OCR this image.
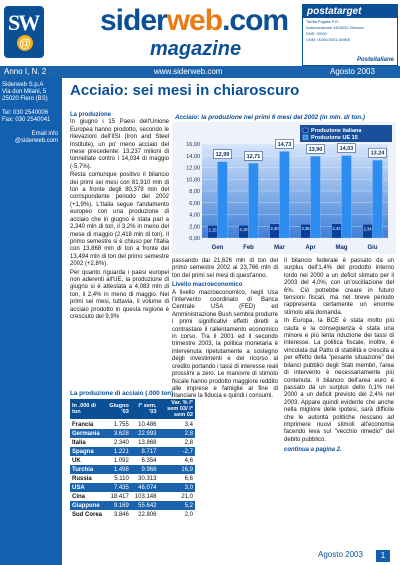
SW
@
siderweb.com
magazine
postatarget
Tariffa Pagata P.O.
Autorizzazione 4515/DC Brescia
DNS: 00/00
CNM: 00/00/2001 DMNS
Posteitaliane
Anno I, N. 2	www.siderweb.com	Agosto 2003
Siderweb S.p.A
Via don Milani, 5
25020 Flero (BS)
Tel: 030 2540006
Fax: 030 2540041
Email info
@siderweb.com
Acciaio: sei mesi in chiaroscuro
La produzione

In giugno i 15 Paesi dell'Unione Europea hanno prodotto, secondo le rilevazioni dell'IISI (Iron and Steel Institute), un po' meno acciaio del mese precedente: 13,237 milioni di tonnellate contro i 14,034 di maggio (-5,7%).

Resta comunque positivo il bilancio dei primi sei mesi con 81,910 mln di ton a fronte degli 80,379 mln del corrispondente periodo del 2002 (+1,9%). L'Italia segue l'andamento europeo con una produzione di acciaio che in giugno è stata pari a 2,340 mln di ton, il 3,2% in meno del mese di maggio (2,418 mln di ton). Il primo semestre si è chiuso per l'Italia con 13,868 mln di ton a fronte dei 13,494 mln di ton del primo semestre 2002 (+2,8%).

Per quanto riguarda i paesi europei non aderenti all'UE, la produzione di giugno si è attestata a 4,083 mln di ton, il 2,4% in meno di maggio. Nei primi sei mesi, tuttavia, il volume di acciaio prodotto in questa regione è cresciuto del 9,9%

Acciaio: la produzione nei primi 6 mesi del 2002 (in mln. di ton.)
0,00
2,00
4,00
6,00
8,00
10,00
12,00
14,00
16,00
12,99
2,15
Gen
12,71
2,18
Feb
14,73
2,40
Mar
13,90
2,36
Apr
14,03
2,42
Mag
13,24
2,34
Giu
Produzione italiana
Produzione UE 15

passando dai 21,626 mln di ton del primo semestre 2002 ai 23,766 mln di ton dei primi sei mesi di quest'anno.

Livello macroeconomico

A livello macroeconomico, negli Usa l'intervento coordinato di Banca Centrale USA (FED) ed Amministrazione Bush sembra produrre i primi significativi effetti diretti a contrastare il rallentamento economico in corso. Tra il 2001 ed il secondo trimestre 2003, la politica monetaria è intervenuta ripetutamente a sostegno degli investimenti e del ricorso al credito portando i tassi di interesse reali prossimi a zero. Le manovre di stimolo fiscale hanno prodotto maggiore reddito alle imprese e famiglie al fine di rilanciare la fiducia e quindi i consumi.

Il bilancio federale è passato da un surplus dell'1,4% del prodotto interno lordo nel 2000 a un deficit stimato per il 2003 del 4,0%, con un'oscillazione del 6%. Ciò potrebbe creare in futuro tensioni fiscali, ma nel breve periodo rappresenta certamente un enorme stimolo alla domanda.

In Europa, la BCE è stata molto più cauta e la conseguenza è stata una minore e più lenta riduzione dei tassi di interesse. La politica fiscale, inoltre, è vincolata dal Patto di stabilità e crescita a per effetto della "pesante situazione" dei bilanci pubblici degli Stati membri, l'area di intervento è necessariamente più contenuta. Il bilancio dell'area euro è passato da un surplus dello 0,1% nel 2000 a un deficit previsto del 2,4% nel 2003. Appare quindi evidente che anche nella migliore delle ipotesi, sarà difficile che le autorità politiche riescano ad imprimere nuovi stimoli all'economia facendo leva sul "vecchio rimedio" del debito pubblico.

continua a pagina 2.

La produzione di acciaio (.000 ton)
In .000 di ton	Giugno '03	I° sem. '03	Var. % I° sem 03/ I° sem 02
Francia	1.755	10.486	3,4
Germania	3.628	22.993	2,8
Italia	2.340	13.868	2,8
Spagna	1.221	8.717	-2,7
UK	1.092	6.354	4,6
Turchia	1.498	9.968	16,9
Russia	5.110	30.313	6,6
USA	7.435	46.074	3,0
Cina	18.417	103.148	21,0
Giappone	9.169	55.642	5,2
Sud Corea	3.846	22.806	2,0
Agosto 2003	1
